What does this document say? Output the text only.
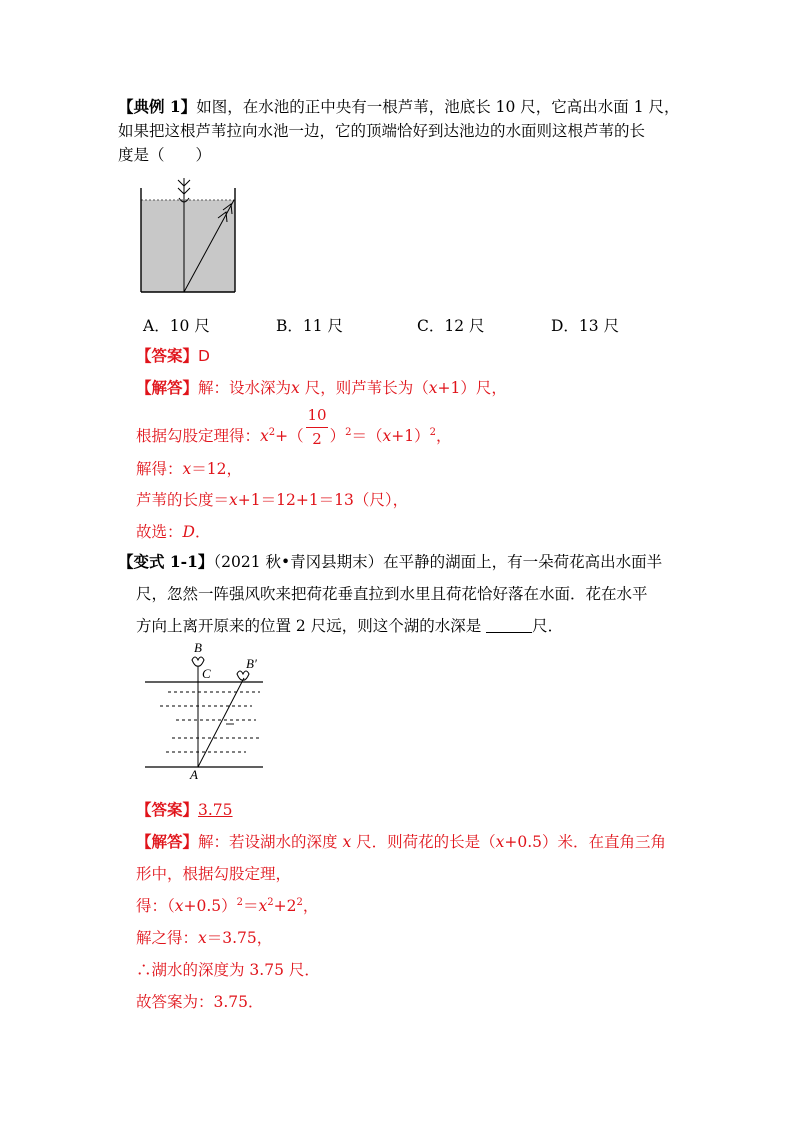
【典例 1】如图，在水池的正中央有一根芦苇，池底长 10 尺，它高出水面 1 尺，
如果把这根芦苇拉向水池一边，它的顶端恰好到达池边的水面则这根芦苇的长
度是（　　）
A．10 尺	B．11 尺	C．12 尺	D．13 尺
【答案】D
【解答】解：设水深为x 尺，则芦苇长为（x+1）尺，
10
2
根据勾股定理得：$x^2+$（ ）$^2=(x+1)^2$，
解得：x＝12，
芦苇的长度＝x+1＝12+1＝13（尺），
故选：D．
【变式 1-1】（2021 秋•青冈县期末）在平静的湖面上，有一朵荷花高出水面半
尺，忽然一阵强风吹来把荷花垂直拉到水里且荷花恰好落在水面．花在水平
方向上离开原来的位置 2 尺远，则这个湖的水深是	尺．
B
C
B′
A
【答案】3.75
【解答】解：若设湖水的深度 x 尺．则荷花的长是（x+0.5）米．在直角三角
形中，根据勾股定理，
得：$(x+0.5)^2=x^2+2^2$，
解之得：x＝3.75，
∴湖水的深度为 3.75 尺．
故答案为：3.75．
